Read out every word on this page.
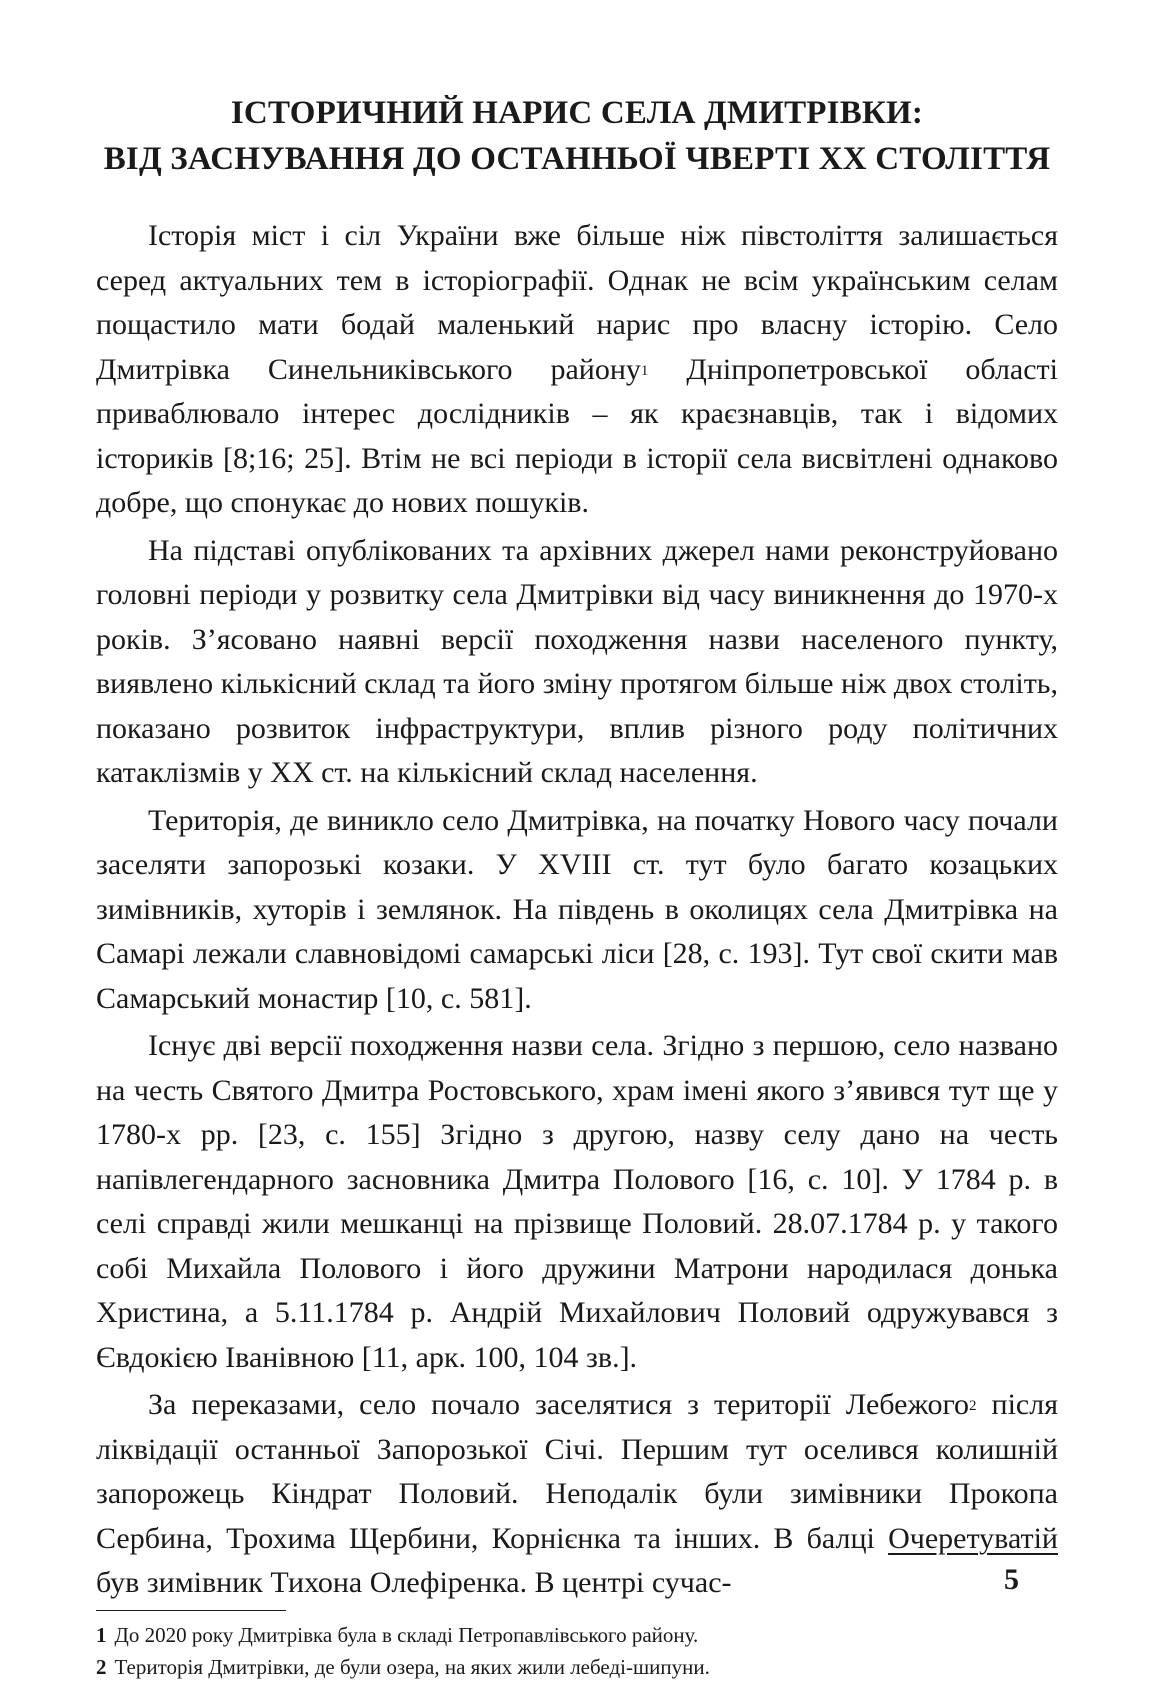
ІСТОРИЧНИЙ НАРИС СЕЛА ДМИТРІВКИ:
ВІД ЗАСНУВАННЯ ДО ОСТАННЬОЇ ЧВЕРТІ ХХ СТОЛІТТЯ

Історія міст і сіл України вже більше ніж півстоліття залишається серед актуальних тем в історіографії. Однак не всім українським селам пощастило мати бодай маленький нарис про власну історію. Село Дмитрівка Синельниківського району$^1$ Дніпропетровської області приваблювало інтерес дослідників – як краєзнавців, так і відомих істориків [8;16; 25]. Втім не всі періоди в історії села висвітлені однаково добре, що спонукає до нових пошуків.

На підставі опублікованих та архівних джерел нами реконструйовано головні періоди у розвитку села Дмитрівки від часу виникнення до 1970-х років. З’ясовано наявні версії походження назви населеного пункту, виявлено кількісний склад та його зміну протягом більше ніж двох століть, показано розвиток інфраструктури, вплив різного роду політичних катаклізмів у ХХ ст. на кількісний склад населення.

Територія, де виникло село Дмитрівка, на початку Нового часу почали заселяти запорозькі козаки. У XVIII ст. тут було багато козацьких зимівників, хуторів і землянок. На південь в околицях села Дмитрівка на Самарі лежали славновідомі самарські ліси [28, с. 193]. Тут свої скити мав Самарський монастир [10, с. 581].

Існує дві версії походження назви села. Згідно з першою, село названо на честь Святого Дмитра Ростовського, храм імені якого з’явився тут ще у 1780-х рр. [23, с. 155] Згідно з другою, назву селу дано на честь напівлегендарного засновника Дмитра Полового [16, с. 10]. У 1784 р. в селі справді жили мешканці на прізвище Половий. 28.07.1784 р. у такого собі Михайла Полового і його дружини Матрони народилася донька Христина, а 5.11.1784 р. Андрій Михайлович Половий одружувався з Євдокією Іванівною [11, арк. 100, 104 зв.].

За переказами, село почало заселятися з території Лебежого$^2$ після ліквідації останньої Запорозької Січі. Першим тут оселився колишній запорожець Кіндрат Половий. Неподалік були зимівники Прокопа Сербина, Трохима Щербини, Корнієнка та інших. В балці Очеретуватій був зимівник Тихона Олефіренка. В центрі сучас-

1 До 2020 року Дмитрівка була в складі Петропавлівського району.
2 Територія Дмитрівки, де були озера, на яких жили лебеді-шипуни.
5
